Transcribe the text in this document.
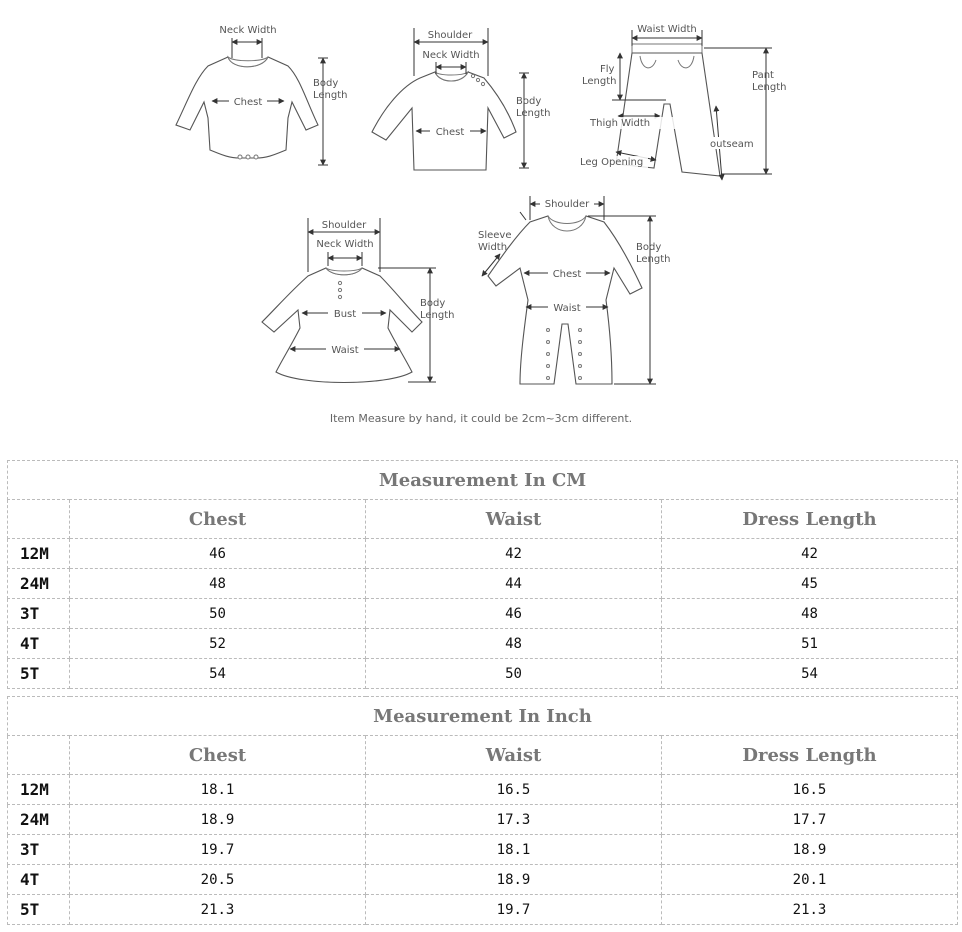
Neck Width
Chest
Body
Length
Shoulder
Neck Width
Chest
Body
Length
Waist Width
Fly
Length
Pant
Length
Thigh Width
outseam
Leg Opening
Shoulder
Neck Width
Bust
Waist
Body
Length
Shoulder
Sleeve
Width
Chest
Waist
Body
Length
Item Measure by hand, it could be 2cm~3cm different.
Measurement In CM			
	Chest	Waist	Dress Length
12M	46	42	42
24M	48	44	45
3T	50	46	48
4T	52	48	51
5T	54	50	54
Measurement In Inch			
	Chest	Waist	Dress Length
12M	18.1	16.5	16.5
24M	18.9	17.3	17.7
3T	19.7	18.1	18.9
4T	20.5	18.9	20.1
5T	21.3	19.7	21.3
